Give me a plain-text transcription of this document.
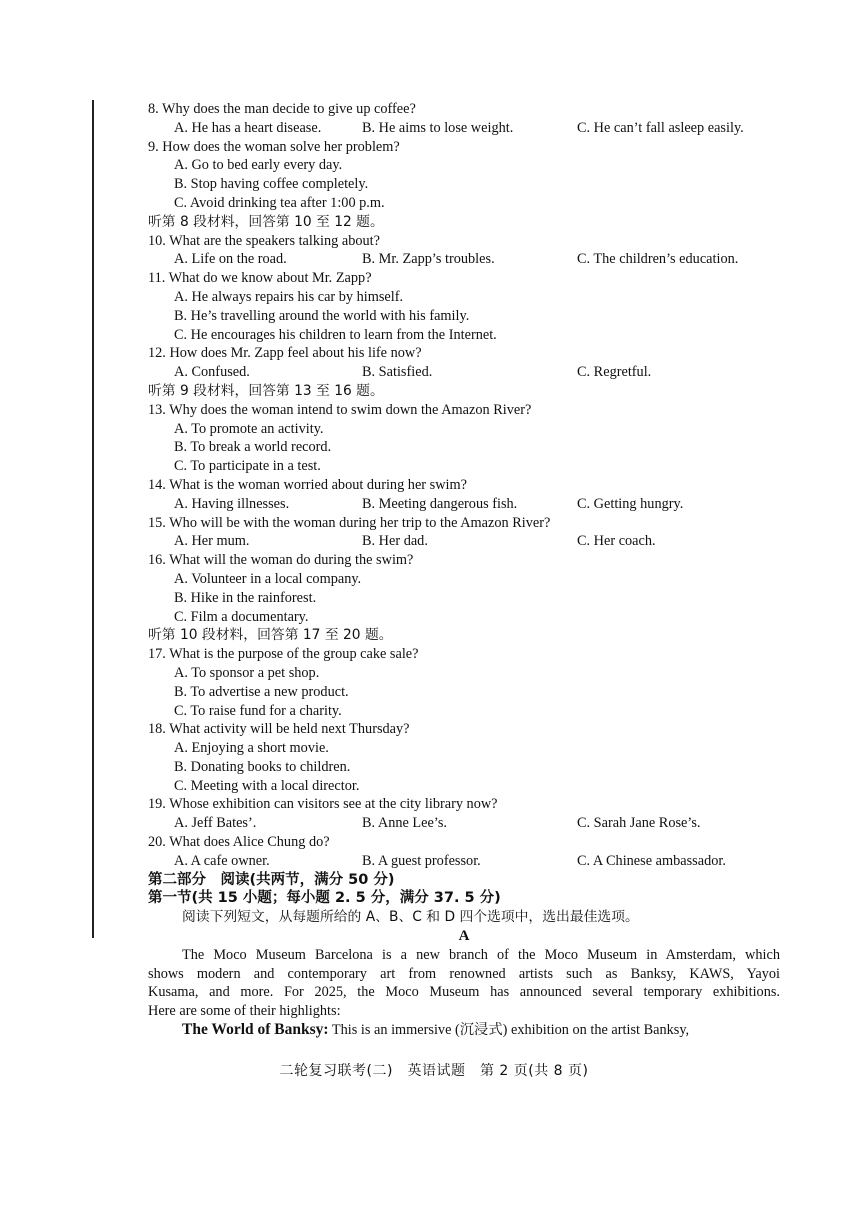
8. Why does the man decide to give up coffee?
A. He has a heart disease.	B. He aims to lose weight.	C. He can’t fall asleep easily.
9. How does the woman solve her problem?
A. Go to bed early every day.
B. Stop having coffee completely.
C. Avoid drinking tea after 1:00 p.m.
听第 8 段材料，回答第 10 至 12 题。
10. What are the speakers talking about?
A. Life on the road.	B. Mr. Zapp’s troubles.	C. The children’s education.
11. What do we know about Mr. Zapp?
A. He always repairs his car by himself.
B. He’s travelling around the world with his family.
C. He encourages his children to learn from the Internet.
12. How does Mr. Zapp feel about his life now?
A. Confused.	B. Satisfied.	C. Regretful.
听第 9 段材料，回答第 13 至 16 题。
13. Why does the woman intend to swim down the Amazon River?
A. To promote an activity.
B. To break a world record.
C. To participate in a test.
14. What is the woman worried about during her swim?
A. Having illnesses.	B. Meeting dangerous fish.	C. Getting hungry.
15. Who will be with the woman during her trip to the Amazon River?
A. Her mum.	B. Her dad.	C. Her coach.
16. What will the woman do during the swim?
A. Volunteer in a local company.
B. Hike in the rainforest.
C. Film a documentary.
听第 10 段材料，回答第 17 至 20 题。
17. What is the purpose of the group cake sale?
A. To sponsor a pet shop.
B. To advertise a new product.
C. To raise fund for a charity.
18. What activity will be held next Thursday?
A. Enjoying a short movie.
B. Donating books to children.
C. Meeting with a local director.
19. Whose exhibition can visitors see at the city library now?
A. Jeff Bates’.	B. Anne Lee’s.	C. Sarah Jane Rose’s.
20. What does Alice Chung do?
A. A cafe owner.	B. A guest professor.	C. A Chinese ambassador.
第二部分　阅读(共两节，满分 50 分)
第一节(共 15 小题；每小题 2. 5 分，满分 37. 5 分)
阅读下列短文，从每题所给的 A、B、C 和 D 四个选项中，选出最佳选项。
A
The Moco Museum Barcelona is a new branch of the Moco Museum in Amsterdam, which
shows modern and contemporary art from renowned artists such as Banksy, KAWS, Yayoi
Kusama, and more. For 2025, the Moco Museum has announced several temporary exhibitions.
Here are some of their highlights:
The World of Banksy: This is an immersive (沉浸式) exhibition on the artist Banksy,
二轮复习联考(二)　英语试题　第 2 页(共 8 页)
